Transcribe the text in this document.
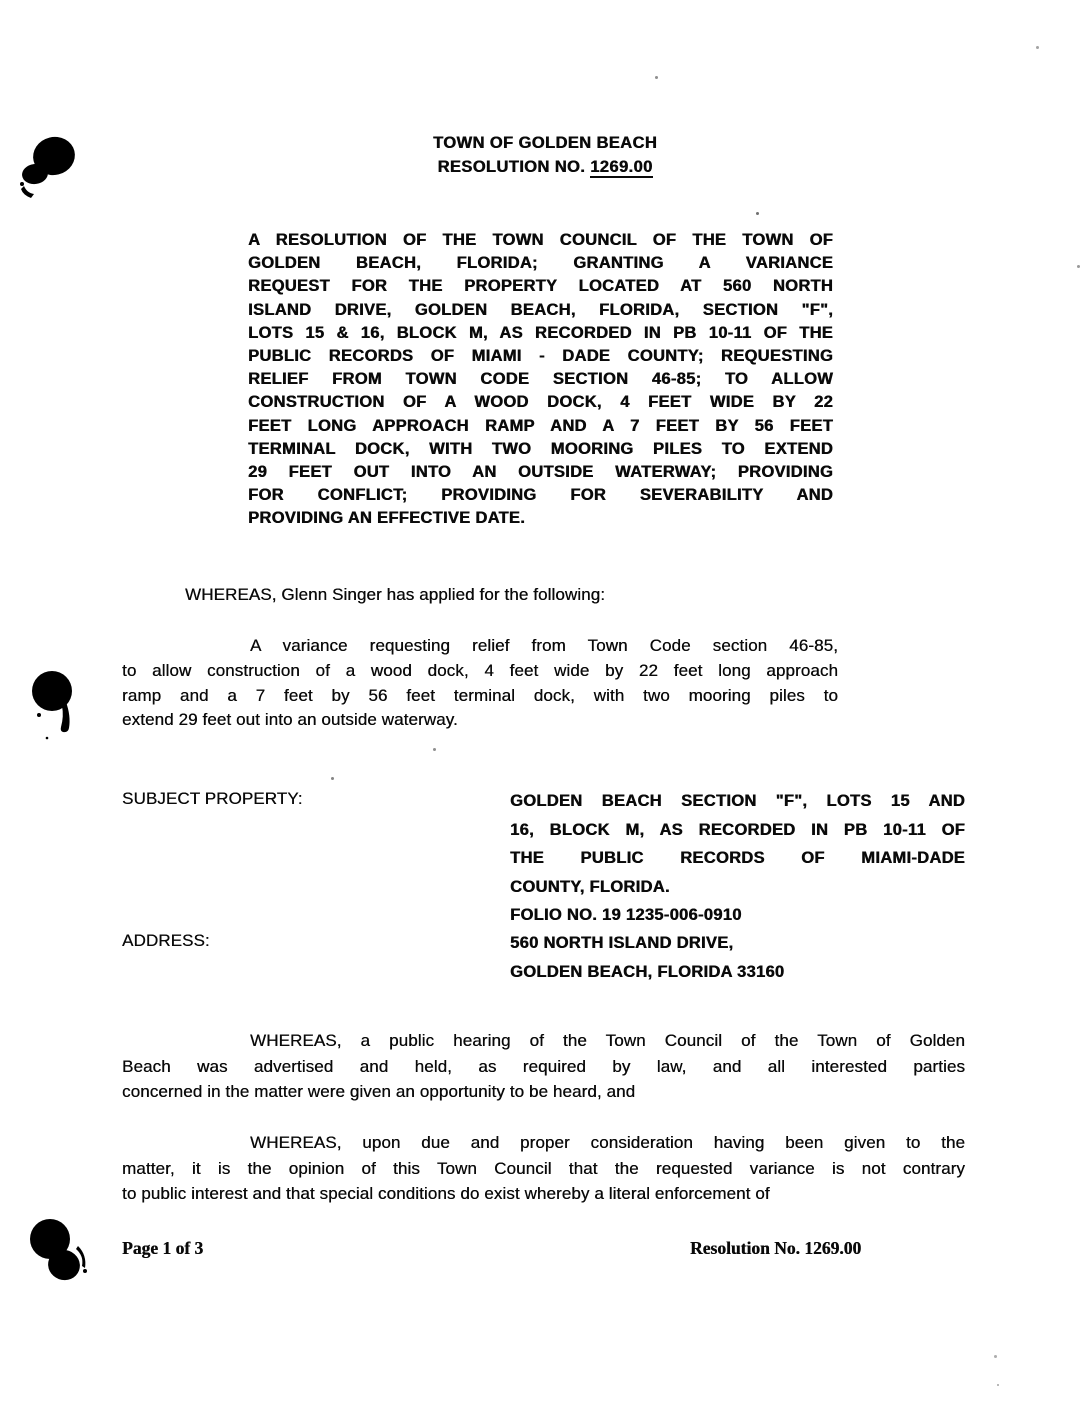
TOWN OF GOLDEN BEACH
RESOLUTION NO. 1269.00
A RESOLUTION OF THE TOWN COUNCIL OF THE TOWN OF
GOLDEN BEACH, FLORIDA; GRANTING A VARIANCE
REQUEST FOR THE PROPERTY LOCATED AT 560 NORTH
ISLAND DRIVE, GOLDEN BEACH, FLORIDA, SECTION "F",
LOTS 15 & 16, BLOCK M, AS RECORDED IN PB 10-11 OF THE
PUBLIC RECORDS OF MIAMI - DADE COUNTY; REQUESTING
RELIEF FROM TOWN CODE SECTION 46-85; TO ALLOW
CONSTRUCTION OF A WOOD DOCK, 4 FEET WIDE BY 22
FEET LONG APPROACH RAMP AND A 7 FEET BY 56 FEET
TERMINAL DOCK, WITH TWO MOORING PILES TO EXTEND
29 FEET OUT INTO AN OUTSIDE WATERWAY; PROVIDING
FOR CONFLICT; PROVIDING FOR SEVERABILITY AND
PROVIDING AN EFFECTIVE DATE.
WHEREAS, Glenn Singer has applied for the following:
A variance requesting relief from Town Code section 46-85,
to allow construction of a wood dock, 4 feet wide by 22 feet long approach
ramp and a 7 feet by 56 feet terminal dock, with two mooring piles to
extend 29 feet out into an outside waterway.
SUBJECT PROPERTY:	GOLDEN BEACH SECTION "F", LOTS 15 AND
16, BLOCK M, AS RECORDED IN PB 10-11 OF
THE PUBLIC RECORDS OF MIAMI-DADE
COUNTY, FLORIDA.
FOLIO NO. 19 1235-006-0910
ADDRESS:	560 NORTH ISLAND DRIVE,
GOLDEN BEACH, FLORIDA 33160
WHEREAS, a public hearing of the Town Council of the Town of Golden
Beach was advertised and held, as required by law, and all interested parties
concerned in the matter were given an opportunity to be heard, and
WHEREAS, upon due and proper consideration having been given to the
matter, it is the opinion of this Town Council that the requested variance is not contrary
to public interest and that special conditions do exist whereby a literal enforcement of
Page 1 of 3	Resolution No. 1269.00
